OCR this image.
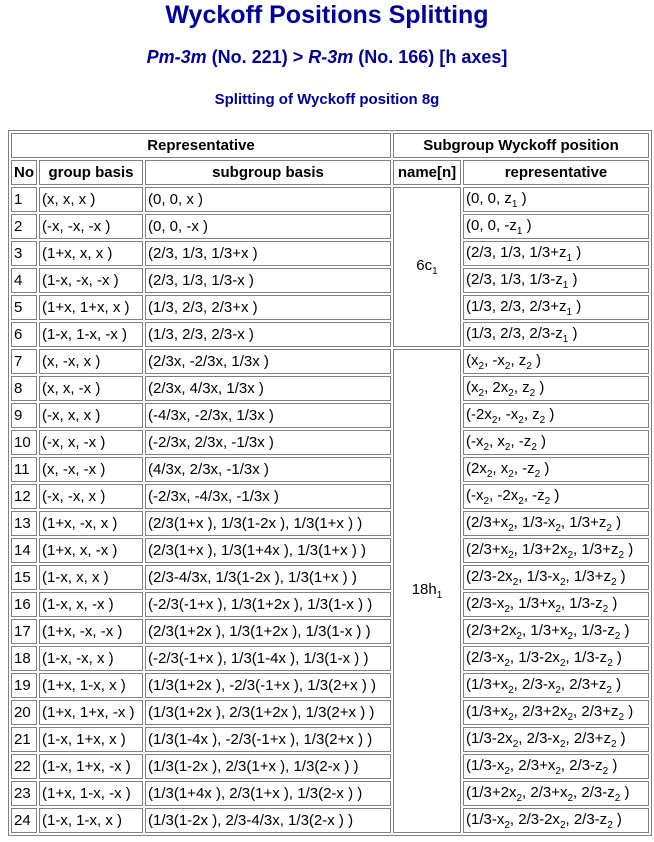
Wyckoff Positions Splitting
Pm-3m (No. 221) > R-3m (No. 166) [h axes]
Splitting of Wyckoff position 8g
Representative			Subgroup Wyckoff position	
No	group basis	subgroup basis	name[n]	representative
1	(x, x, x )	(0, 0, x )	$6c_1$	(0, 0, $z_1$ )
2	(-x, -x, -x )	(0, 0, -x )		(0, 0, $-z_1$ )
3	(1+x, x, x )	(2/3, 1/3, 1/3+x )		(2/3, 1/3, $1/3+z_1$ )
4	(1-x, -x, -x )	(2/3, 1/3, 1/3-x )		(2/3, 1/3, $1/3-z_1$ )
5	(1+x, 1+x, x )	(1/3, 2/3, 2/3+x )		(1/3, 2/3, $2/3+z_1$ )
6	(1-x, 1-x, -x )	(1/3, 2/3, 2/3-x )		(1/3, 2/3, $2/3-z_1$ )
7	(x, -x, x )	(2/3x, -2/3x, 1/3x )	$18h_1$	($x_2$, $-x_2$, $z_2$ )
8	(x, x, -x )	(2/3x, 4/3x, 1/3x )		($x_2$, $2x_2$, $z_2$ )
9	(-x, x, x )	(-4/3x, -2/3x, 1/3x )		($-2x_2$, $-x_2$, $z_2$ )
10	(-x, x, -x )	(-2/3x, 2/3x, -1/3x )		($-x_2$, $x_2$, $-z_2$ )
11	(x, -x, -x )	(4/3x, 2/3x, -1/3x )		($2x_2$, $x_2$, $-z_2$ )
12	(-x, -x, x )	(-2/3x, -4/3x, -1/3x )		($-x_2$, $-2x_2$, $-z_2$ )
13	(1+x, -x, x )	(2/3(1+x ), 1/3(1-2x ), 1/3(1+x ) )		($2/3+x_2$, $1/3-x_2$, $1/3+z_2$ )
14	(1+x, x, -x )	(2/3(1+x ), 1/3(1+4x ), 1/3(1+x ) )		($2/3+x_2$, $1/3+2x_2$, $1/3+z_2$ )
15	(1-x, x, x )	(2/3-4/3x, 1/3(1-2x ), 1/3(1+x ) )		($2/3-2x_2$, $1/3-x_2$, $1/3+z_2$ )
16	(1-x, x, -x )	(-2/3(-1+x ), 1/3(1+2x ), 1/3(1-x ) )		($2/3-x_2$, $1/3+x_2$, $1/3-z_2$ )
17	(1+x, -x, -x )	(2/3(1+2x ), 1/3(1+2x ), 1/3(1-x ) )		($2/3+2x_2$, $1/3+x_2$, $1/3-z_2$ )
18	(1-x, -x, x )	(-2/3(-1+x ), 1/3(1-4x ), 1/3(1-x ) )		($2/3-x_2$, $1/3-2x_2$, $1/3-z_2$ )
19	(1+x, 1-x, x )	(1/3(1+2x ), -2/3(-1+x ), 1/3(2+x ) )		($1/3+x_2$, $2/3-x_2$, $2/3+z_2$ )
20	(1+x, 1+x, -x )	(1/3(1+2x ), 2/3(1+2x ), 1/3(2+x ) )		($1/3+x_2$, $2/3+2x_2$, $2/3+z_2$ )
21	(1-x, 1+x, x )	(1/3(1-4x ), -2/3(-1+x ), 1/3(2+x ) )		($1/3-2x_2$, $2/3-x_2$, $2/3+z_2$ )
22	(1-x, 1+x, -x )	(1/3(1-2x ), 2/3(1+x ), 1/3(2-x ) )		($1/3-x_2$, $2/3+x_2$, $2/3-z_2$ )
23	(1+x, 1-x, -x )	(1/3(1+4x ), 2/3(1+x ), 1/3(2-x ) )		($1/3+2x_2$, $2/3+x_2$, $2/3-z_2$ )
24	(1-x, 1-x, x )	(1/3(1-2x ), 2/3-4/3x, 1/3(2-x ) )		($1/3-x_2$, $2/3-2x_2$, $2/3-z_2$ )
